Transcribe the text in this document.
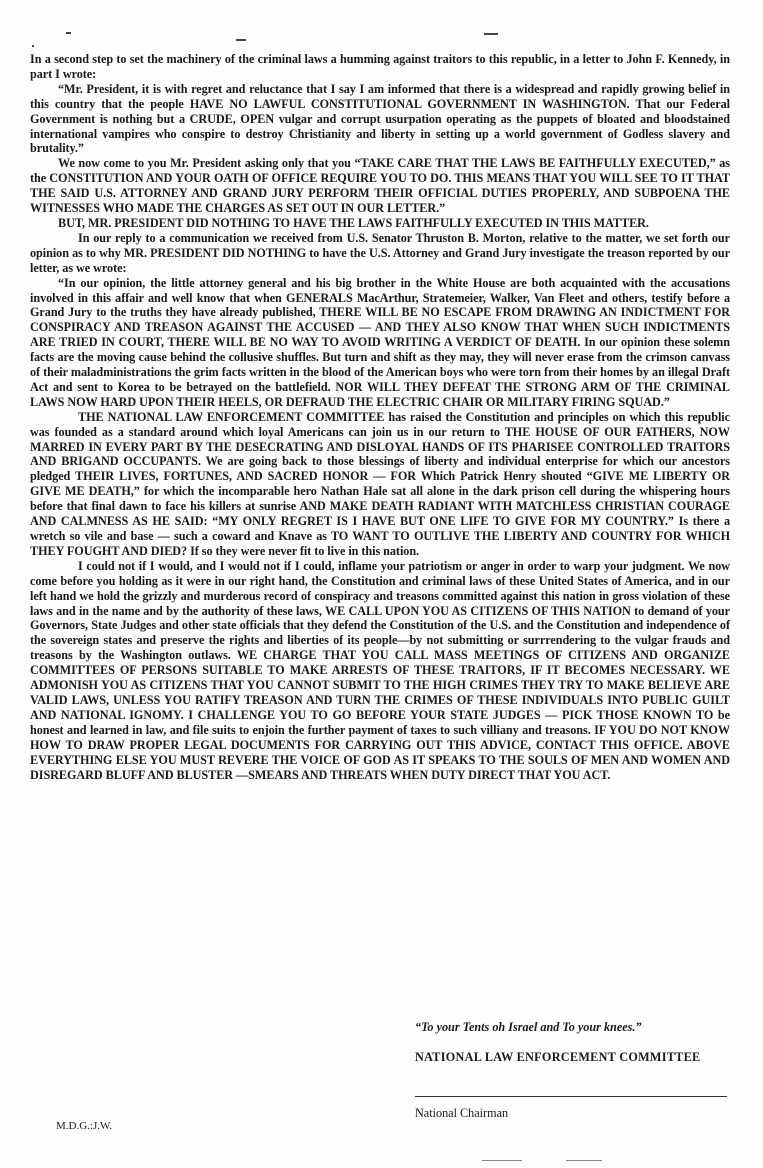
In a second step to set the machinery of the criminal laws a humming against traitors to this republic, in a letter to John F. Kennedy, in part I wrote:

“Mr. President, it is with regret and reluctance that I say I am informed that there is a widespread and rapidly growing belief in this country that the people HAVE NO LAWFUL CONSTITUTIONAL GOVERNMENT IN WASHINGTON. That our Federal Government is nothing but a CRUDE, OPEN vulgar and corrupt usurpation operating as the puppets of bloated and bloodstained international vampires who conspire to destroy Christianity and liberty in setting up a world government of Godless slavery and brutality.”

We now come to you Mr. President asking only that you “TAKE CARE THAT THE LAWS BE FAITHFULLY EXECUTED,” as the CONSTITUTION AND YOUR OATH OF OFFICE REQUIRE YOU TO DO. THIS MEANS THAT YOU WILL SEE TO IT THAT THE SAID U.S. ATTORNEY AND GRAND JURY PERFORM THEIR OFFICIAL DUTIES PROPERLY, AND SUBPOENA THE WITNESSES WHO MADE THE CHARGES AS SET OUT IN OUR LETTER.”

BUT, MR. PRESIDENT DID NOTHING TO HAVE THE LAWS FAITHFULLY EXECUTED IN THIS MATTER.

In our reply to a communication we received from U.S. Senator Thruston B. Morton, relative to the matter, we set forth our opinion as to why MR. PRESIDENT DID NOTHING to have the U.S. Attorney and Grand Jury investigate the treason reported by our letter, as we wrote:

“In our opinion, the little attorney general and his big brother in the White House are both acquainted with the accusations involved in this affair and well know that when GENERALS MacArthur, Stratemeier, Walker, Van Fleet and others, testify before a Grand Jury to the truths they have already published, THERE WILL BE NO ESCAPE FROM DRAWING AN INDICTMENT FOR CONSPIRACY AND TREASON AGAINST THE ACCUSED — AND THEY ALSO KNOW THAT WHEN SUCH INDICTMENTS ARE TRIED IN COURT, THERE WILL BE NO WAY TO AVOID WRITING A VERDICT OF DEATH. In our opinion these solemn facts are the moving cause behind the collusive shuffles. But turn and shift as they may, they will never erase from the crimson canvass of their maladministrations the grim facts written in the blood of the American boys who were torn from their homes by an illegal Draft Act and sent to Korea to be betrayed on the battlefield. NOR WILL THEY DEFEAT THE STRONG ARM OF THE CRIMINAL LAWS NOW HARD UPON THEIR HEELS, OR DEFRAUD THE ELECTRIC CHAIR OR MILITARY FIRING SQUAD.”

THE NATIONAL LAW ENFORCEMENT COMMITTEE has raised the Constitution and principles on which this republic was founded as a standard around which loyal Americans can join us in our return to THE HOUSE OF OUR FATHERS, NOW MARRED IN EVERY PART BY THE DESECRATING AND DISLOYAL HANDS OF ITS PHARISEE CONTROLLED TRAITORS AND BRIGAND OCCUPANTS. We are going back to those blessings of liberty and individual enterprise for which our ancestors pledged THEIR LIVES, FORTUNES, AND SACRED HONOR — FOR Which Patrick Henry shouted “GIVE ME LIBERTY OR GIVE ME DEATH,” for which the incomparable hero Nathan Hale sat all alone in the dark prison cell during the whispering hours before that final dawn to face his killers at sunrise AND MAKE DEATH RADIANT WITH MATCHLESS CHRISTIAN COURAGE AND CALMNESS AS HE SAID: “MY ONLY REGRET IS I HAVE BUT ONE LIFE TO GIVE FOR MY COUNTRY.” Is there a wretch so vile and base — such a coward and Knave as TO WANT TO OUTLIVE THE LIBERTY AND COUNTRY FOR WHICH THEY FOUGHT AND DIED? If so they were never fit to live in this nation.

I could not if I would, and I would not if I could, inflame your patriotism or anger in order to warp your judgment. We now come before you holding as it were in our right hand, the Constitution and criminal laws of these United States of America, and in our left hand we hold the grizzly and murderous record of conspiracy and treasons committed against this nation in gross violation of these laws and in the name and by the authority of these laws, WE CALL UPON YOU AS CITIZENS OF THIS NATION to demand of your Governors, State Judges and other state officials that they defend the Constitution of the U.S. and the Constitution and independence of the sovereign states and preserve the rights and liberties of its people—by not submitting or surrrendering to the vulgar frauds and treasons by the Washington outlaws. WE CHARGE THAT YOU CALL MASS MEETINGS OF CITIZENS AND ORGANIZE COMMITTEES OF PERSONS SUITABLE TO MAKE ARRESTS OF THESE TRAITORS, IF IT BECOMES NECESSARY. WE ADMONISH YOU AS CITIZENS THAT YOU CANNOT SUBMIT TO THE HIGH CRIMES THEY TRY TO MAKE BELIEVE ARE VALID LAWS, UNLESS YOU RATIFY TREASON AND TURN THE CRIMES OF THESE INDIVIDUALS INTO PUBLIC GUILT AND NATIONAL IGNOMY. I CHALLENGE YOU TO GO BEFORE YOUR STATE JUDGES — PICK THOSE KNOWN TO be honest and learned in law, and file suits to enjoin the further payment of taxes to such villiany and treasons. IF YOU DO NOT KNOW HOW TO DRAW PROPER LEGAL DOCUMENTS FOR CARRYING OUT THIS ADVICE, CONTACT THIS OFFICE. ABOVE EVERYTHING ELSE YOU MUST REVERE THE VOICE OF GOD AS IT SPEAKS TO THE SOULS OF MEN AND WOMEN AND DISREGARD BLUFF AND BLUSTER —SMEARS AND THREATS WHEN DUTY DIRECT THAT YOU ACT.

“To your Tents oh Israel and To your knees.”
NATIONAL LAW ENFORCEMENT COMMITTEE
National Chairman
M.D.G.:J.W.
